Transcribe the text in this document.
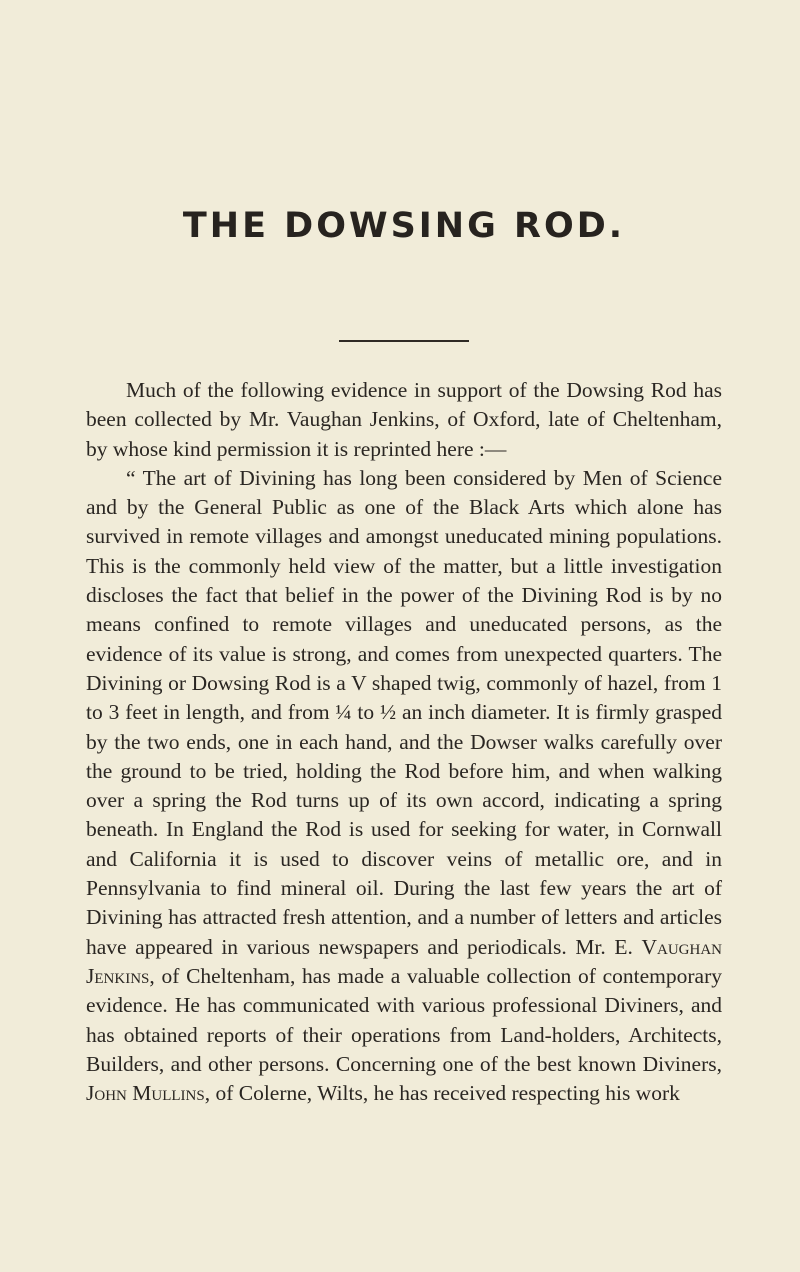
THE DOWSING ROD.

Much of the following evidence in support of the Dowsing Rod has been collected by Mr. Vaughan Jenkins, of Oxford, late of Cheltenham, by whose kind permission it is reprinted here :—

“ The art of Divining has long been considered by Men of Science and by the General Public as one of the Black Arts which alone has survived in remote villages and amongst uneducated mining populations. This is the commonly held view of the matter, but a little investigation discloses the fact that belief in the power of the Divining Rod is by no means confined to remote villages and uneducated persons, as the evidence of its value is strong, and comes from unexpected quarters. The Divining or Dowsing Rod is a V shaped twig, commonly of hazel, from 1 to 3 feet in length, and from ¼ to ½ an inch diameter. It is firmly grasped by the two ends, one in each hand, and the Dowser walks carefully over the ground to be tried, holding the Rod before him, and when walking over a spring the Rod turns up of its own accord, indicating a spring beneath. In England the Rod is used for seeking for water, in Cornwall and California it is used to discover veins of metallic ore, and in Pennsylvania to find mineral oil. During the last few years the art of Divining has attracted fresh attention, and a number of letters and articles have appeared in various newspapers and periodicals. Mr. E. Vaughan Jenkins, of Cheltenham, has made a valuable collection of contemporary evidence. He has communicated with various professional Diviners, and has obtained reports of their operations from Land-holders, Architects, Builders, and other persons. Concerning one of the best known Diviners, John Mullins, of Colerne, Wilts, he has received respecting his work
